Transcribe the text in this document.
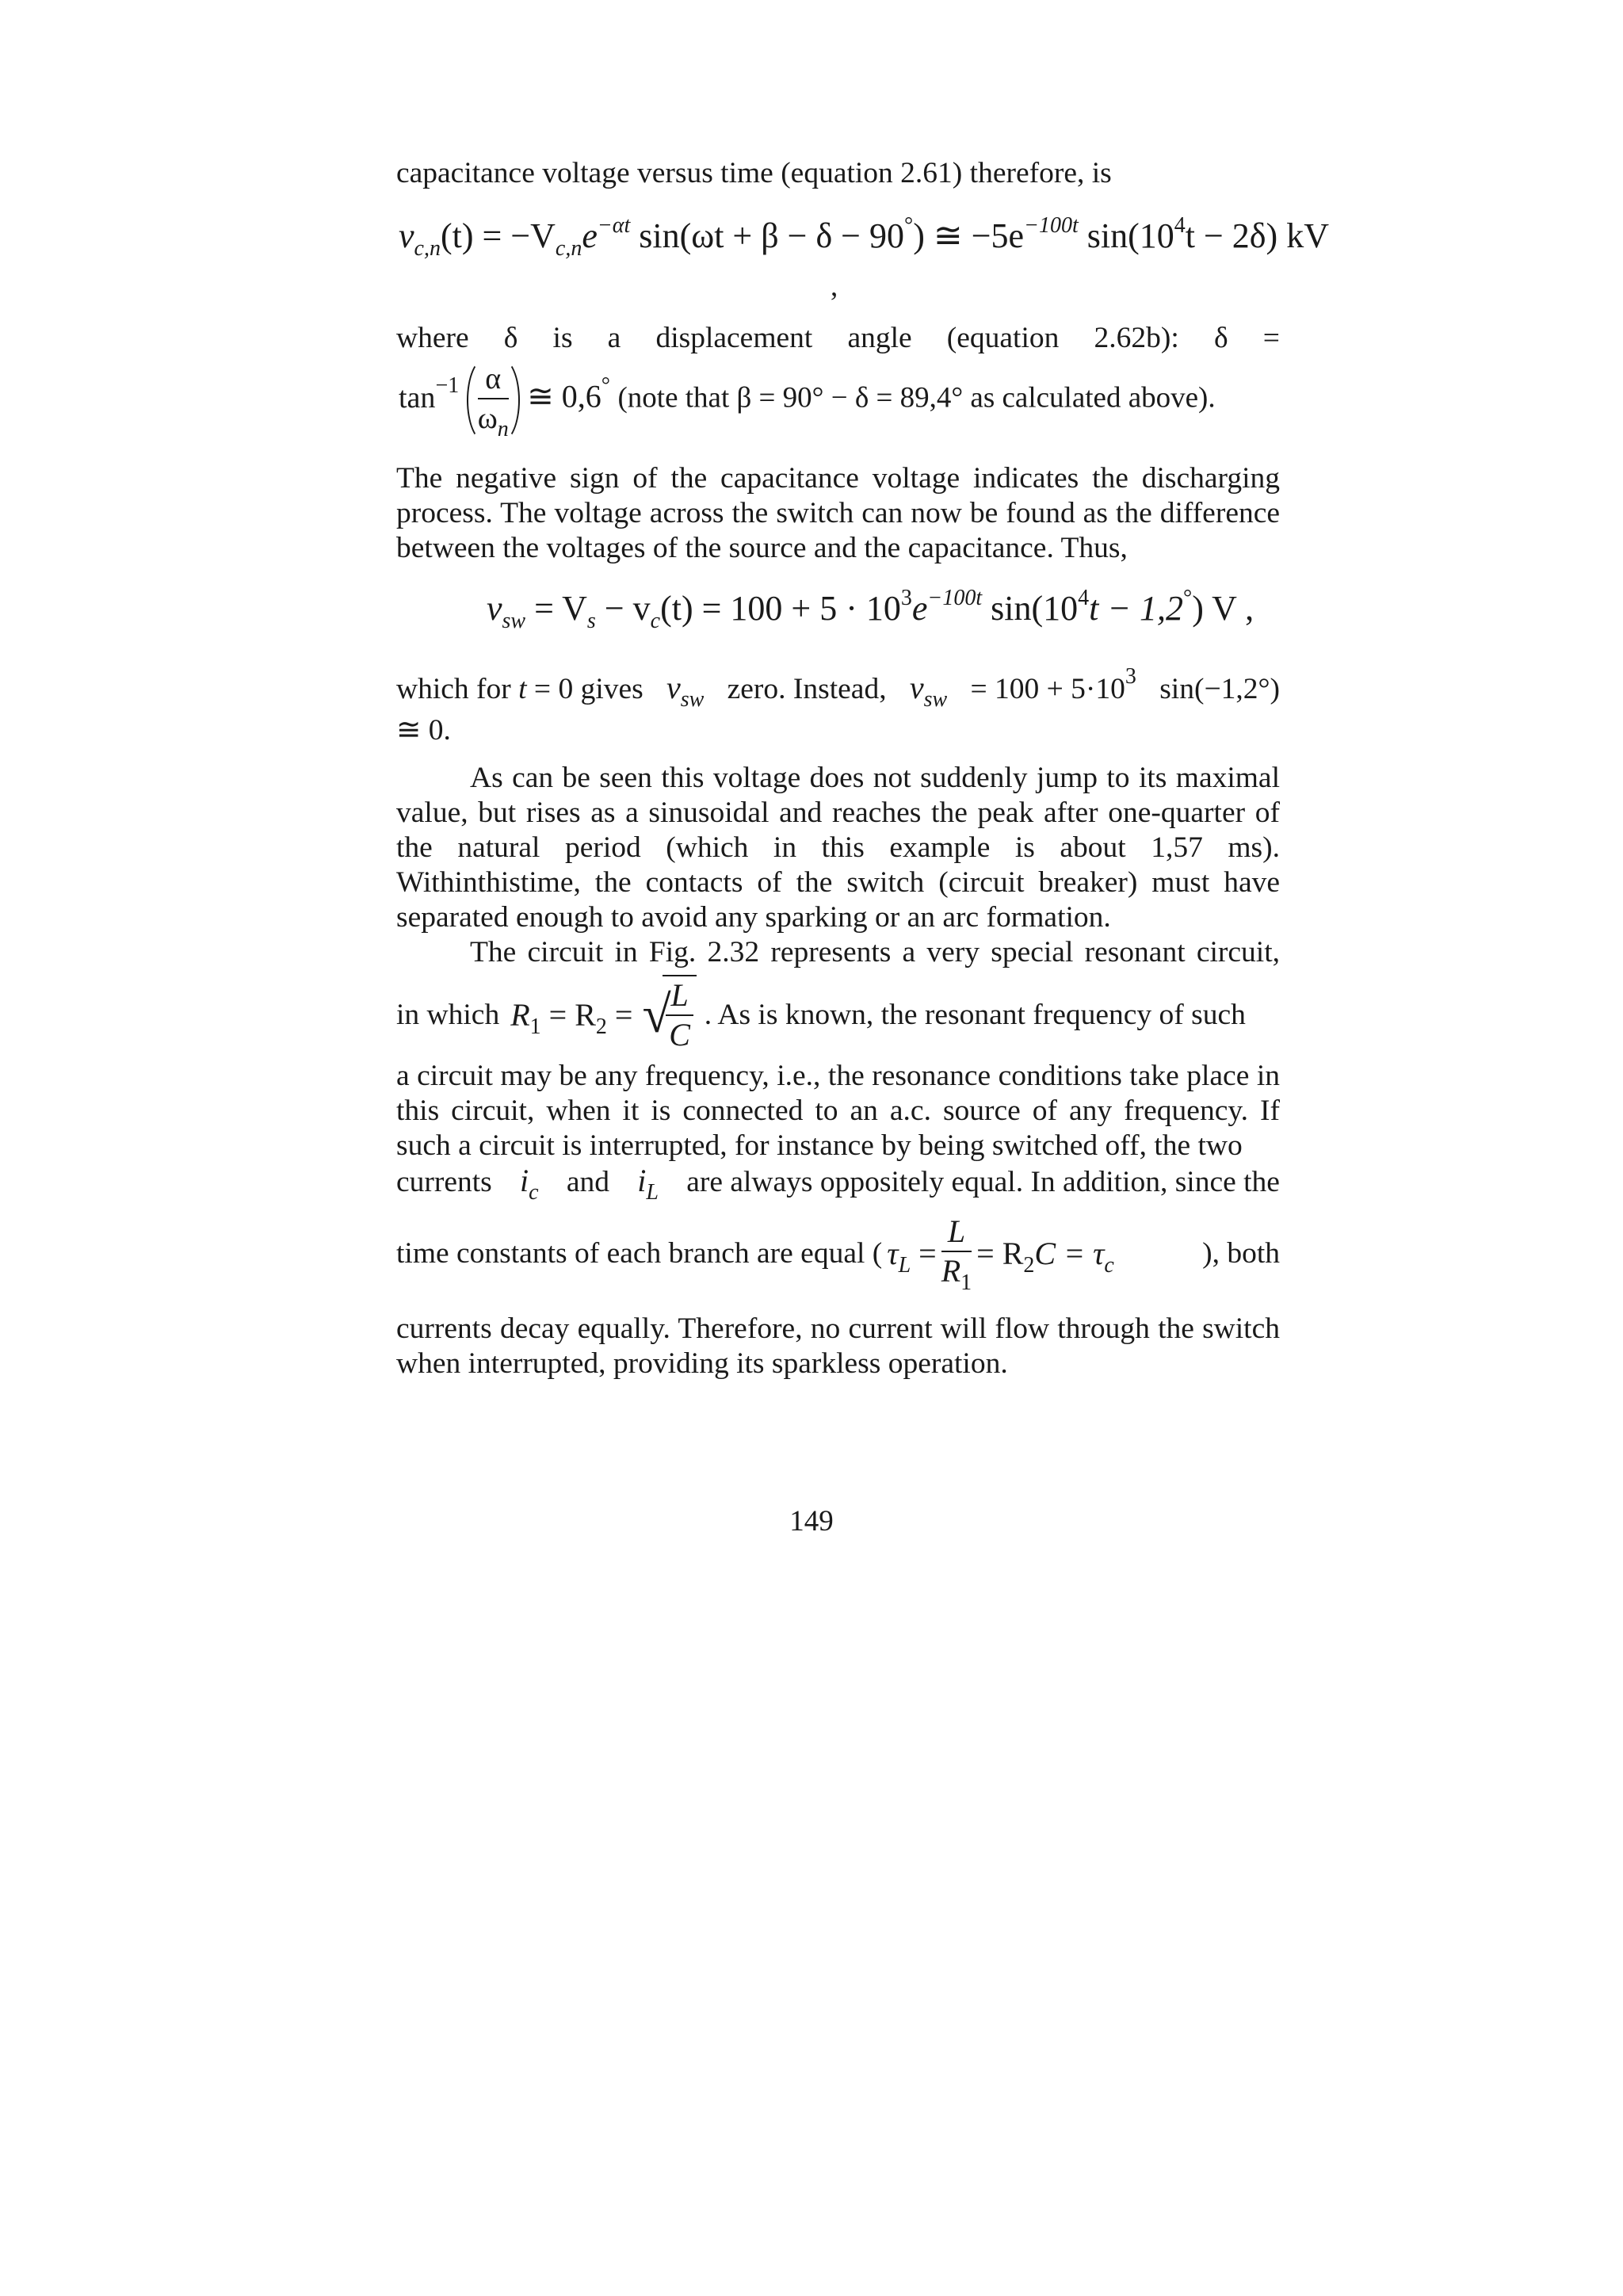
capacitance voltage versus time (equation 2.61) therefore, is
$v_{c,n}(t) = -V_{c,n}e^{-\alpha t}$ sin(ωt + β − δ − 90°) ≅ $-5e^{-100t}$ $\sin(10^4t - 2\delta)$ kV
,
where δ is a displacement angle (equation 2.62b): δ =
$\tan^{-1} \frac{\alpha}{\omega_n}$ ≅ 0,6° (note that β = 90° − δ = 89,4° as calculated above).
The negative sign of the capacitance voltage indicates the discharging process. The voltage across the switch can now be found as the difference between the voltages of the source and the capacitance. Thus,
$v_{sw} = V_s - v_c(t) = 100 + 5 \cdot 10^3e^{-100t}$ $\sin(10^4t - 1,2^\circ)$ V ,
which for t = 0 gives $v_{sw}$ zero. Instead, $v_{sw} = 100 + 5\cdot 10^3$ sin(−1,2°)
≅ 0.
As can be seen this voltage does not suddenly jump to its maximal value, but rises as a sinusoidal and reaches the peak after one-quarter of the natural period (which in this example is about 1,57 ms). Withinthistime, the contacts of the switch (circuit breaker) must have separated enough to avoid any sparking or an arc formation.
The circuit in Fig. 2.32 represents a very special resonant circuit,
in which $R_1 = R_2$ = √
$\frac{L}{C}$ . As is known, the resonant frequency of such
a circuit may be any frequency, i.e., the resonance conditions take place in this circuit, when it is connected to an a.c. source of any frequency. If such a circuit is interrupted, for instance by being switched off, the two
currents $i_c$ and $i_L$ are always oppositely equal. In addition, since the
time constants of each branch are equal ( $\tau_L = \frac{L}{R_1} = R_2C = \tau_c$	), both
currents decay equally. Therefore, no current will flow through the switch when interrupted, providing its sparkless operation.
149
